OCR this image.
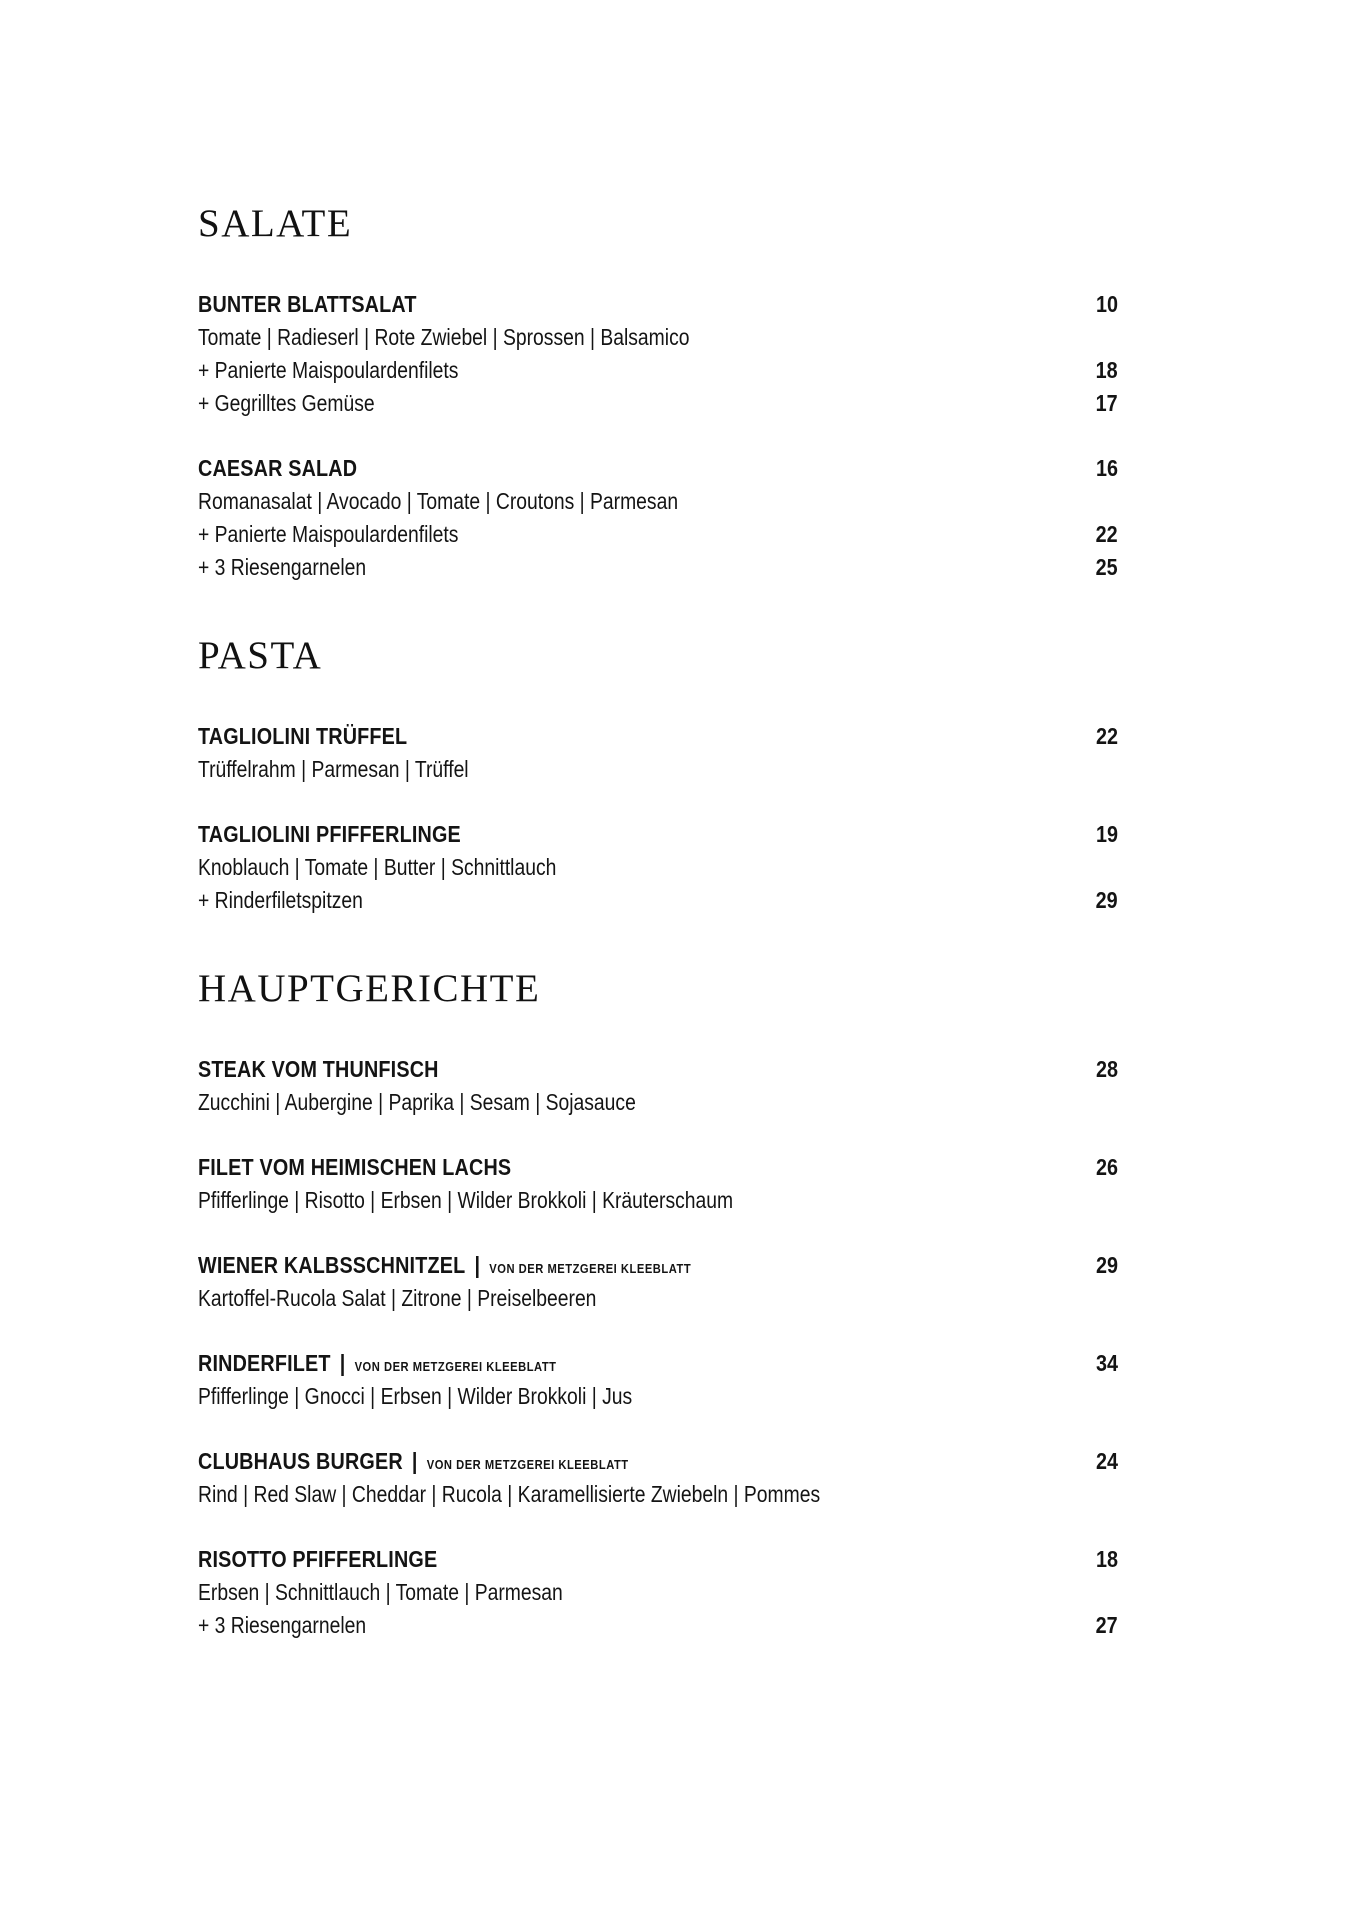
SALATE
BUNTER BLATTSALAT	10
Tomate | Radieserl | Rote Zwiebel | Sprossen | Balsamico
+ Panierte Maispoulardenfilets	18
+ Gegrilltes Gemüse	17
CAESAR SALAD	16
Romanasalat | Avocado | Tomate | Croutons | Parmesan
+ Panierte Maispoulardenfilets	22
+ 3 Riesengarnelen	25
PASTA
TAGLIOLINI TRÜFFEL	22
Trüffelrahm | Parmesan | Trüffel
TAGLIOLINI PFIFFERLINGE	19
Knoblauch | Tomate | Butter | Schnittlauch
+ Rinderfiletspitzen	29
HAUPTGERICHTE
STEAK VOM THUNFISCH	28
Zucchini | Aubergine | Paprika | Sesam | Sojasauce
FILET VOM HEIMISCHEN LACHS	26
Pfifferlinge | Risotto | Erbsen | Wilder Brokkoli | Kräuterschaum
WIENER KALBSSCHNITZEL | VON DER METZGEREI KLEEBLATT	29
Kartoffel-Rucola Salat | Zitrone | Preiselbeeren
RINDERFILET | VON DER METZGEREI KLEEBLATT	34
Pfifferlinge | Gnocci | Erbsen | Wilder Brokkoli | Jus
CLUBHAUS BURGER | VON DER METZGEREI KLEEBLATT	24
Rind | Red Slaw | Cheddar | Rucola | Karamellisierte Zwiebeln | Pommes
RISOTTO PFIFFERLINGE	18
Erbsen | Schnittlauch | Tomate | Parmesan
+ 3 Riesengarnelen	27
